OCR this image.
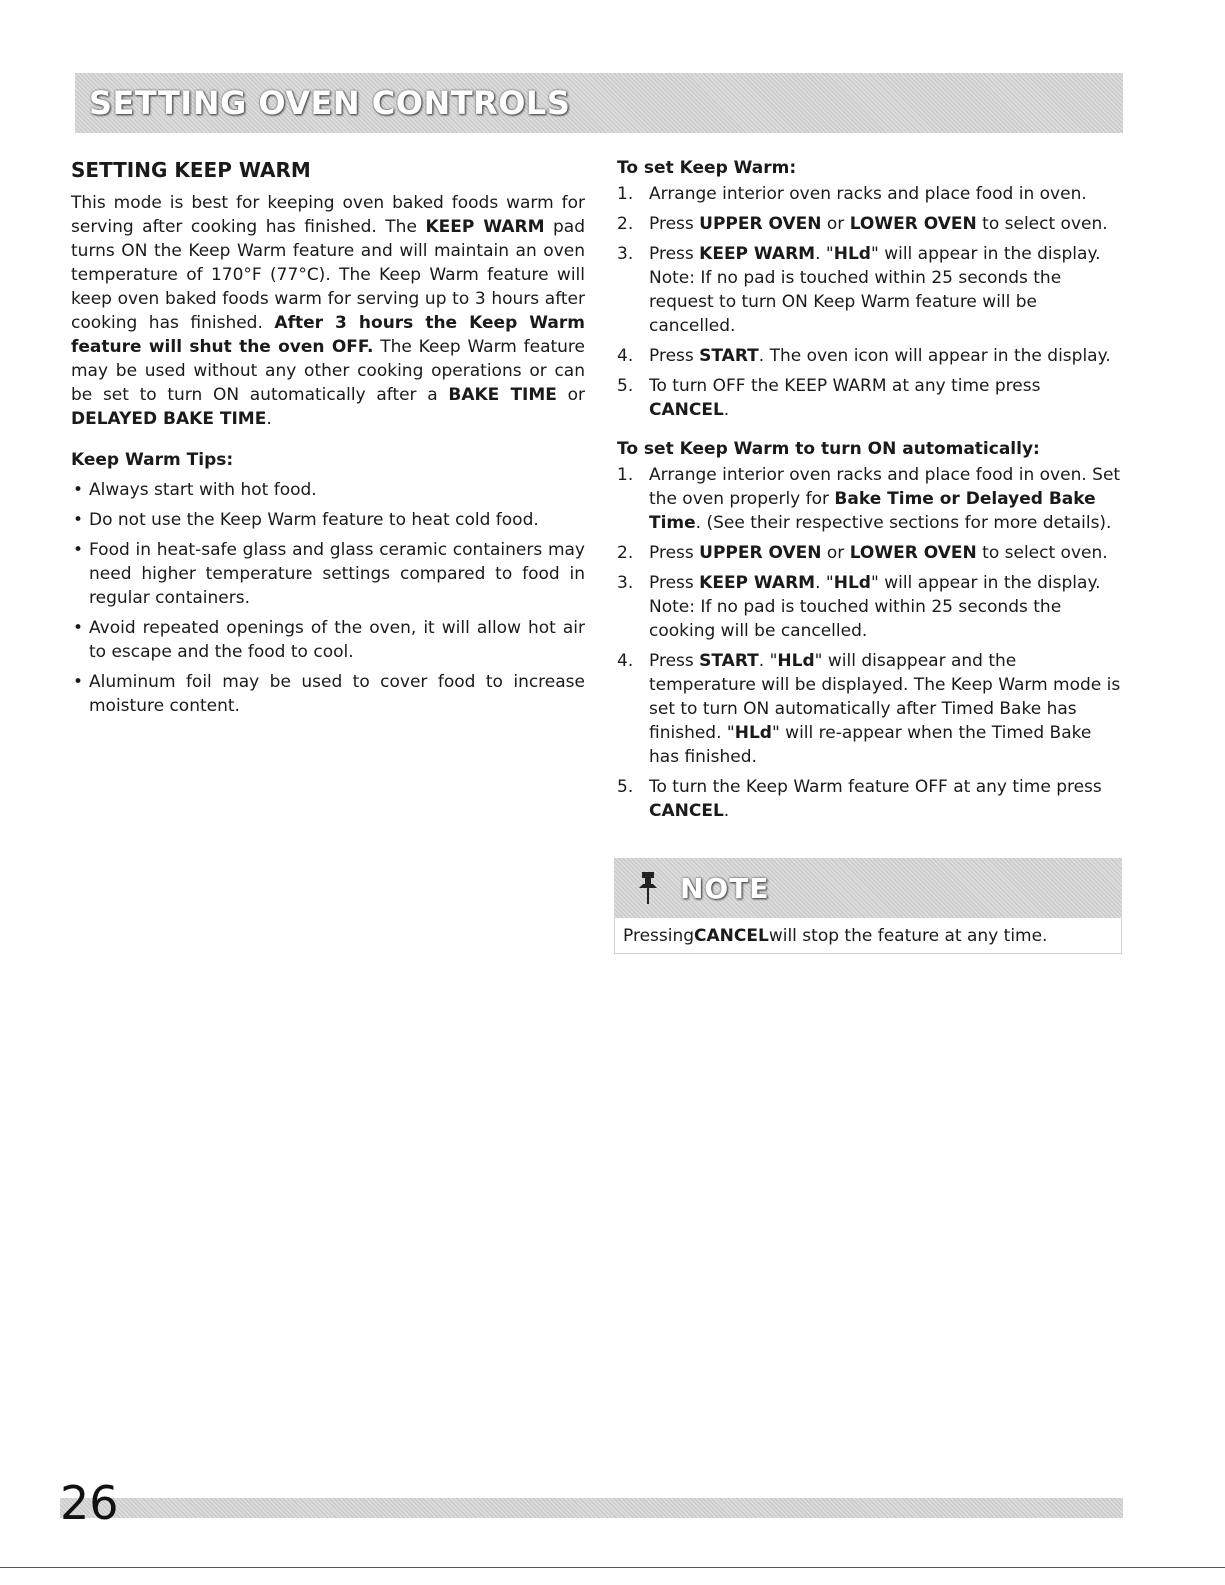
SETTING OVEN CONTROLS
SETTING KEEP WARM

This mode is best for keeping oven baked foods warm for serving after cooking has finished. The KEEP WARM pad turns ON the Keep Warm feature and will maintain an oven temperature of 170°F (77°C). The Keep Warm feature will keep oven baked foods warm for serving up to 3 hours after cooking has finished. After 3 hours the Keep Warm feature will shut the oven OFF. The Keep Warm feature may be used without any other cooking operations or can be set to turn ON automatically after a BAKE TIME or DELAYED BAKE TIME.

Keep Warm Tips:
• Always start with hot food.
• Do not use the Keep Warm feature to heat cold food.
• Food in heat-safe glass and glass ceramic containers may need higher temperature settings compared to food in regular containers.
• Avoid repeated openings of the oven, it will allow hot air to escape and the food to cool.
• Aluminum foil may be used to cover food to increase moisture content.
To set Keep Warm:
1. Arrange interior oven racks and place food in oven.
2. Press UPPER OVEN or LOWER OVEN to select oven.
3. Press KEEP WARM. "HLd" will appear in the display. Note: If no pad is touched within 25 seconds the request to turn ON Keep Warm feature will be cancelled.
4. Press START. The oven icon will appear in the display.
5. To turn OFF the KEEP WARM at any time press CANCEL.
To set Keep Warm to turn ON automatically:
1. Arrange interior oven racks and place food in oven. Set the oven properly for Bake Time or Delayed Bake Time. (See their respective sections for more details).
2. Press UPPER OVEN or LOWER OVEN to select oven.
3. Press KEEP WARM. "HLd" will appear in the display. Note: If no pad is touched within 25 seconds the cooking will be cancelled.
4. Press START. "HLd" will disappear and the temperature will be displayed. The Keep Warm mode is set to turn ON automatically after Timed Bake has finished. "HLd" will re-appear when the Timed Bake has finished.
5. To turn the Keep Warm feature OFF at any time press CANCEL.
NOTE
Pressing CANCEL will stop the feature at any time.
26
